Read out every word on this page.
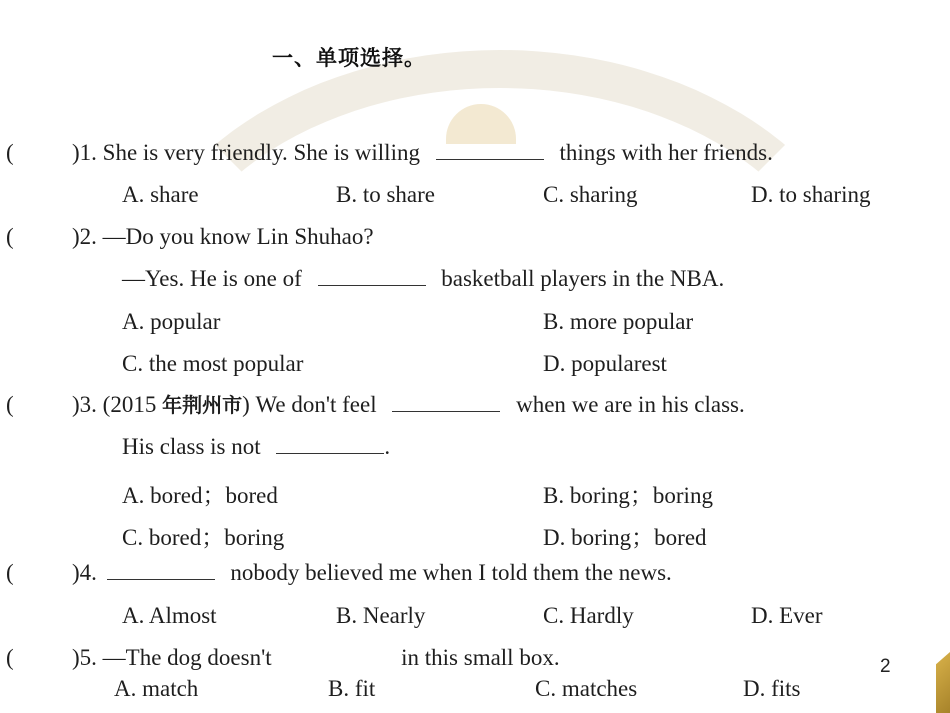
一、单项选择。
(	)1. She is very friendly. She is willing	things with her friends.
A. share	B. to share	C. sharing	D. to sharing
(	)2. —Do you know Lin Shuhao?
—Yes. He is one of	basketball players in the NBA.
A. popular	B. more popular
C. the most popular	D. popularest
(	)3. (2015 年荆州市) We don't feel	when we are in his class.
His class is not	.
A. bored；bored	B. boring；boring
C. bored；boring	D. boring；bored
(	)4.	nobody believed me when I told them the news.
A. Almost	B. Nearly	C. Hardly	D. Ever
(	)5. —The dog doesn't	in this small box.
A. match	B. fit	C. matches	D. fits
2
